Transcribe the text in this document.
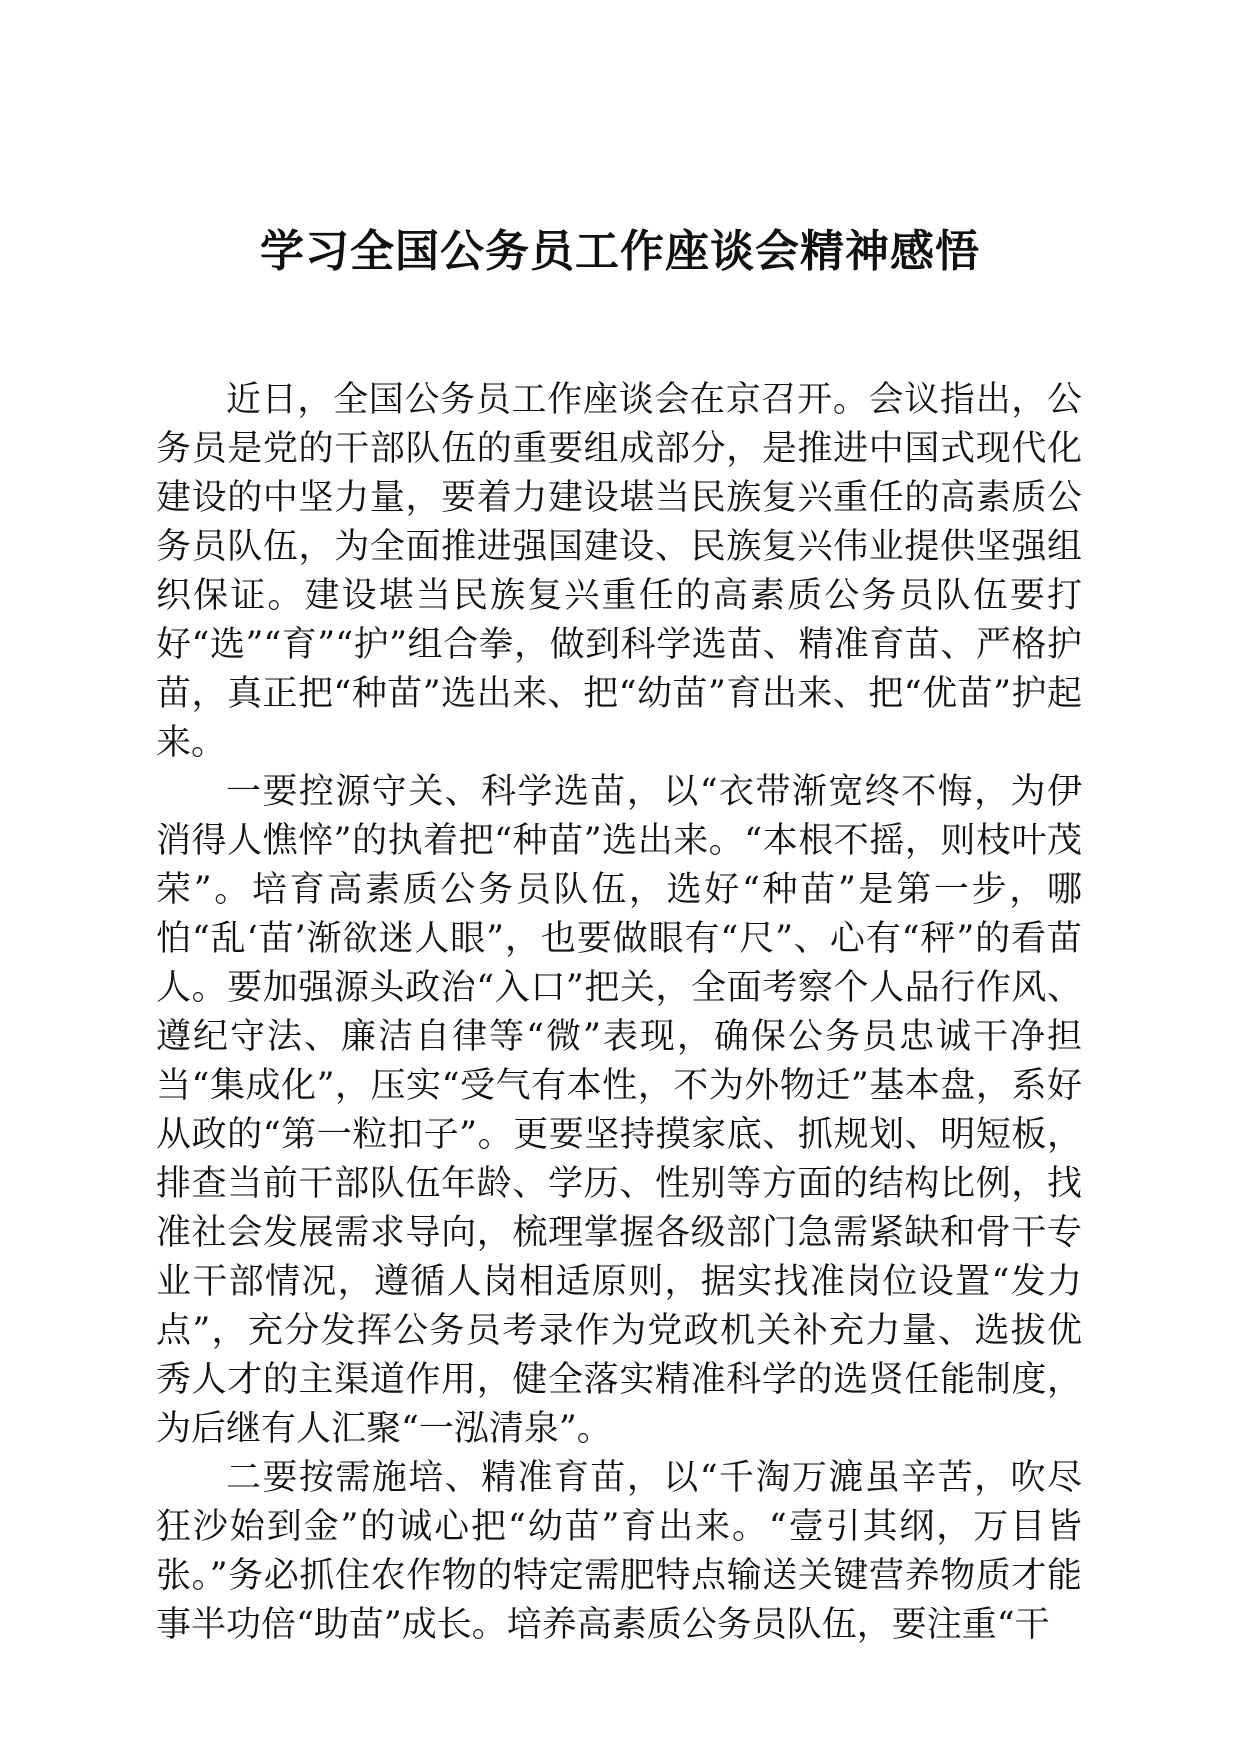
学习全国公务员工作座谈会精神感悟

近日，全国公务员工作座谈会在京召开。会议指出，公务员是党的干部队伍的重要组成部分，是推进中国式现代化建设的中坚力量，要着力建设堪当民族复兴重任的高素质公务员队伍，为全面推进强国建设、民族复兴伟业提供坚强组织保证。建设堪当民族复兴重任的高素质公务员队伍要打好“选”“育”“护”组合拳，做到科学选苗、精准育苗、严格护苗，真正把“种苗”选出来、把“幼苗”育出来、把“优苗”护起来。

一要控源守关、科学选苗，以“衣带渐宽终不悔，为伊消得人憔悴”的执着把“种苗”选出来。“本根不摇，则枝叶茂荣”。培育高素质公务员队伍，选好“种苗”是第一步，哪怕“乱‘苗’渐欲迷人眼”，也要做眼有“尺”、心有“秤”的看苗人。要加强源头政治“入口”把关，全面考察个人品行作风、遵纪守法、廉洁自律等“微”表现，确保公务员忠诚干净担当“集成化”，压实“受气有本性，不为外物迁”基本盘，系好从政的“第一粒扣子”。更要坚持摸家底、抓规划、明短板，排查当前干部队伍年龄、学历、性别等方面的结构比例，找准社会发展需求导向，梳理掌握各级部门急需紧缺和骨干专业干部情况，遵循人岗相适原则，据实找准岗位设置“发力点”，充分发挥公务员考录作为党政机关补充力量、选拔优秀人才的主渠道作用，健全落实精准科学的选贤任能制度，为后继有人汇聚“一泓清泉”。

二要按需施培、精准育苗，以“千淘万漉虽辛苦，吹尽狂沙始到金”的诚心把“幼苗”育出来。“壹引其纲，万目皆张。”务必抓住农作物的特定需肥特点输送关键营养物质才能事半功倍“助苗”成长。培养高素质公务员队伍，要注重“干
